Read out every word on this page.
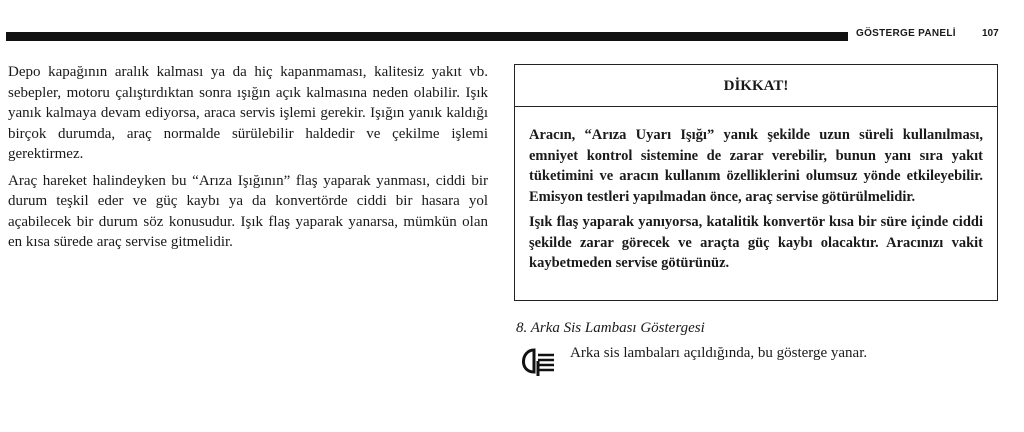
GÖSTERGE PANELİ	107

Depo kapağının aralık kalması ya da hiç kapanmaması, kalitesiz yakıt vb. sebepler, motoru çalıştırdıktan sonra ışığın açık kalmasına neden olabilir. Işık yanık kalmaya devam ediyorsa, araca servis işlemi gerekir. Işığın yanık kaldığı birçok durumda, araç normalde sürülebilir haldedir ve çekilme işlemi gerektirmez.

Araç hareket halindeyken bu “Arıza Işığının” flaş yaparak yanması, ciddi bir durum teşkil eder ve güç kaybı ya da konvertörde ciddi bir hasara yol açabilecek bir durum söz konusudur. Işık flaş yaparak yanarsa, mümkün olan en kısa sürede araç servise gitmelidir.

DİKKAT!

Aracın, “Arıza Uyarı Işığı” yanık şekilde uzun süreli kullanılması, emniyet kontrol sistemine de zarar verebilir, bunun yanı sıra yakıt tüketimini ve aracın kullanım özelliklerini olumsuz yönde etkileyebilir. Emisyon testleri yapılmadan önce, araç servise götürülmelidir.

Işık flaş yaparak yanıyorsa, katalitik konvertör kısa bir süre içinde ciddi şekilde zarar görecek ve araçta güç kaybı olacaktır. Aracınızı vakit kaybetmeden servise götürünüz.

8. Arka Sis Lambası Göstergesi
Arka sis lambaları açıldığında, bu gösterge yanar.
